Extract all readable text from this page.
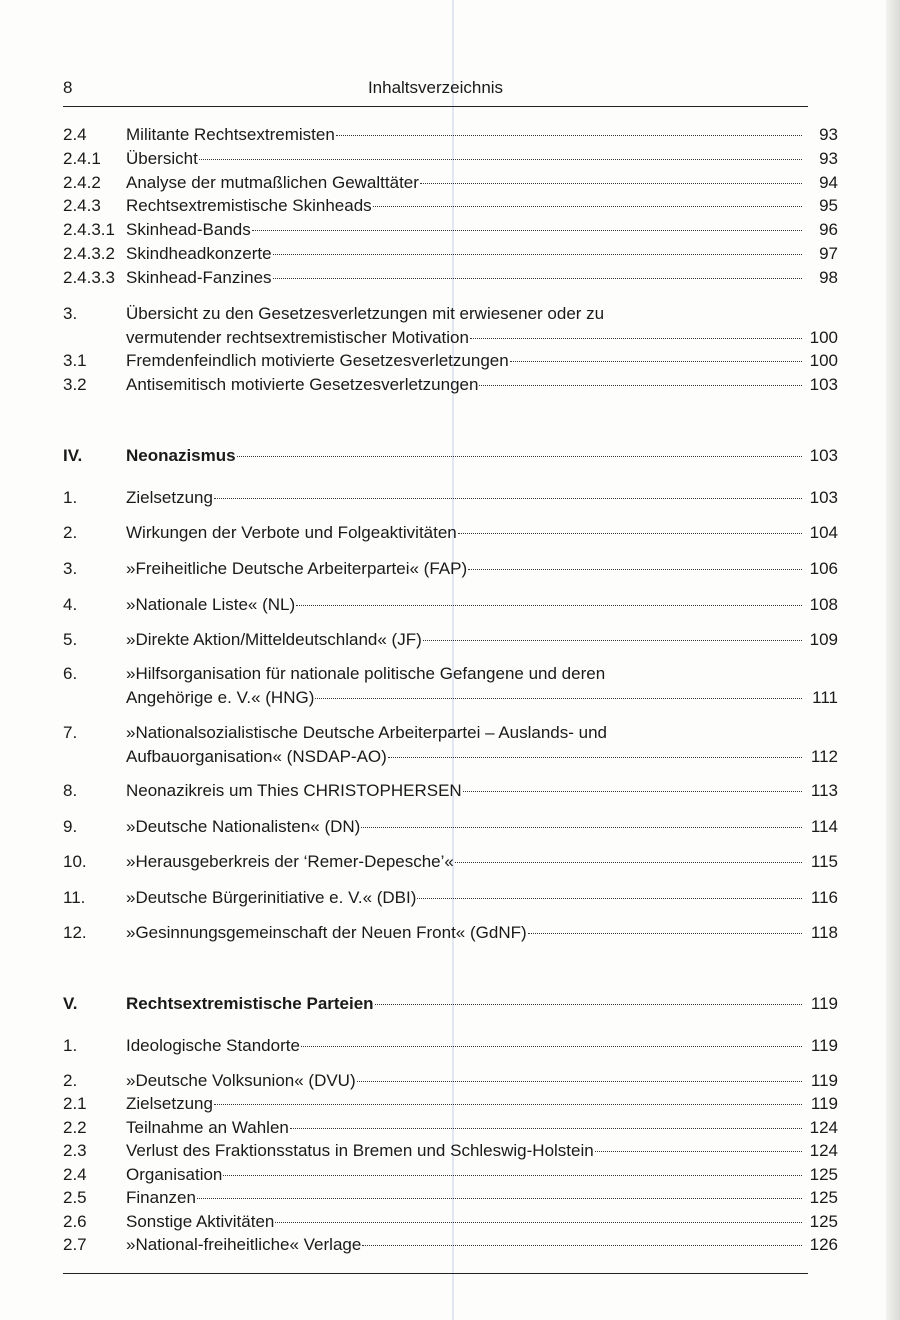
8	Inhaltsverzeichnis
2.4 Militante Rechtsextremisten	93
2.4.1 Übersicht	93
2.4.2 Analyse der mutmaßlichen Gewalttäter	94
2.4.3 Rechtsextremistische Skinheads	95
2.4.3.1 Skinhead-Bands	96
2.4.3.2 Skindheadkonzerte	97
2.4.3.3 Skinhead-Fanzines	98
3.	Übersicht zu den Gesetzesverletzungen mit erwiesener oder zu
vermutender rechtsextremistischer Motivation	100
3.1 Fremdenfeindlich motivierte Gesetzesverletzungen	100
3.2 Antisemitisch motivierte Gesetzesverletzungen	103
IV.	Neonazismus	103
1.	Zielsetzung	103
2.	Wirkungen der Verbote und Folgeaktivitäten	104
3.	»Freiheitliche Deutsche Arbeiterpartei« (FAP)	106
4.	»Nationale Liste« (NL)	108
5.	»Direkte Aktion/Mitteldeutschland« (JF)	109
6.	»Hilfsorganisation für nationale politische Gefangene und deren
Angehörige e. V.« (HNG)	111
7.	»Nationalsozialistische Deutsche Arbeiterpartei – Auslands- und
Aufbauorganisation« (NSDAP-AO)	112
8.	Neonazikreis um Thies CHRISTOPHERSEN	113
9.	»Deutsche Nationalisten« (DN)	114
10. »Herausgeberkreis der ‘Remer-Depesche’«	115
11. »Deutsche Bürgerinitiative e. V.« (DBI)	116
12. »Gesinnungsgemeinschaft der Neuen Front« (GdNF)	118
V.	Rechtsextremistische Parteien	119
1.	Ideologische Standorte	119
2.	»Deutsche Volksunion« (DVU)	119
2.1 Zielsetzung	119
2.2 Teilnahme an Wahlen	124
2.3 Verlust des Fraktionsstatus in Bremen und Schleswig-Holstein	124
2.4 Organisation	125
2.5 Finanzen	125
2.6 Sonstige Aktivitäten	125
2.7 »National-freiheitliche« Verlage	126
